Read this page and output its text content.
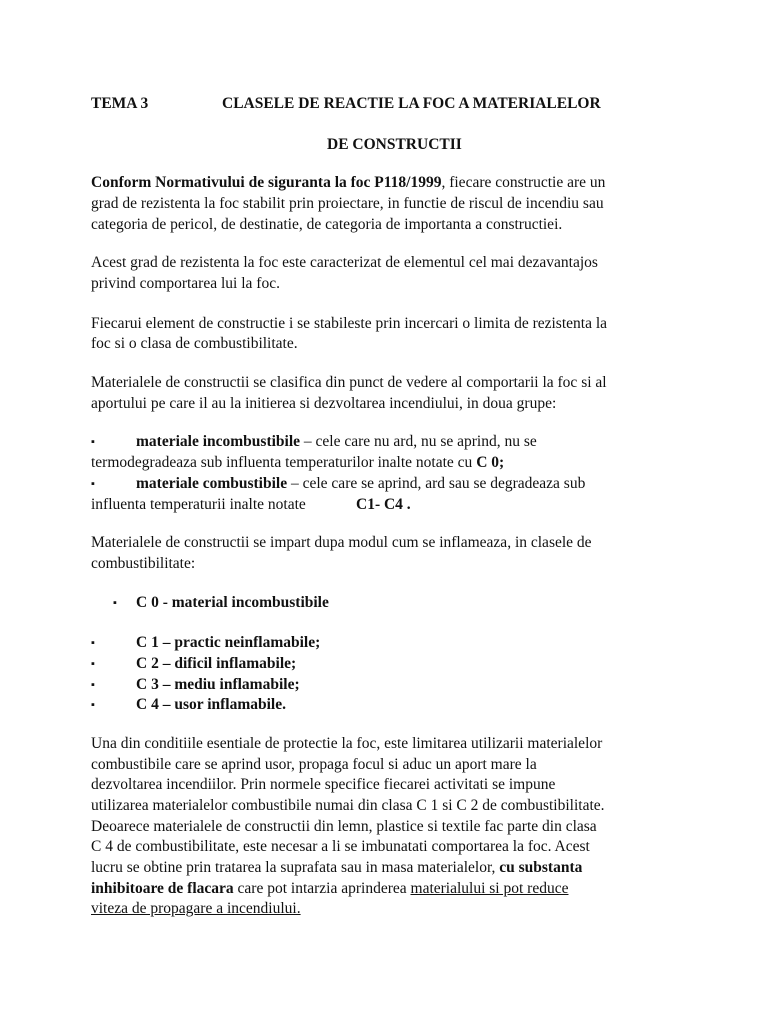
TEMA 3	CLASELE DE REACTIE LA FOC A MATERIALELOR
DE CONSTRUCTII
Conform Normativului de siguranta la foc P118/1999, fiecare constructie are un
grad de rezistenta la foc stabilit prin proiectare, in functie de riscul de incendiu sau
categoria de pericol, de destinatie, de categoria de importanta a constructiei.
Acest grad de rezistenta la foc este caracterizat de elementul cel mai dezavantajos
privind comportarea lui la foc.
Fiecarui element de constructie i se stabileste prin incercari o limita de rezistenta la
foc si o clasa de combustibilitate.
Materialele de constructii se clasifica din punct de vedere al comportarii la foc si al
aportului pe care il au la initierea si dezvoltarea incendiului, in doua grupe:
▪	materiale incombustibile – cele care nu ard, nu se aprind, nu se
termodegradeaza sub influenta temperaturilor inalte notate cu C 0;
▪	materiale combustibile – cele care se aprind, ard sau se degradeaza sub
influenta temperaturii inalte notate	C1- C4 .
Materialele de constructii se impart dupa modul cum se inflameaza, in clasele de
combustibilitate:
▪ C 0 - material incombustibile
▪	C 1 – practic neinflamabile;
▪	C 2 – dificil inflamabile;
▪	C 3 – mediu inflamabile;
▪	C 4 – usor inflamabile.
Una din conditiile esentiale de protectie la foc, este limitarea utilizarii materialelor
combustibile care se aprind usor, propaga focul si aduc un aport mare la
dezvoltarea incendiilor. Prin normele specifice fiecarei activitati se impune
utilizarea materialelor combustibile numai din clasa C 1 si C 2 de combustibilitate.
Deoarece materialele de constructii din lemn, plastice si textile fac parte din clasa
C 4 de combustibilitate, este necesar a li se imbunatati comportarea la foc. Acest
lucru se obtine prin tratarea la suprafata sau in masa materialelor, cu substanta
inhibitoare de flacara care pot intarzia aprinderea materialului si pot reduce
viteza de propagare a incendiului.
